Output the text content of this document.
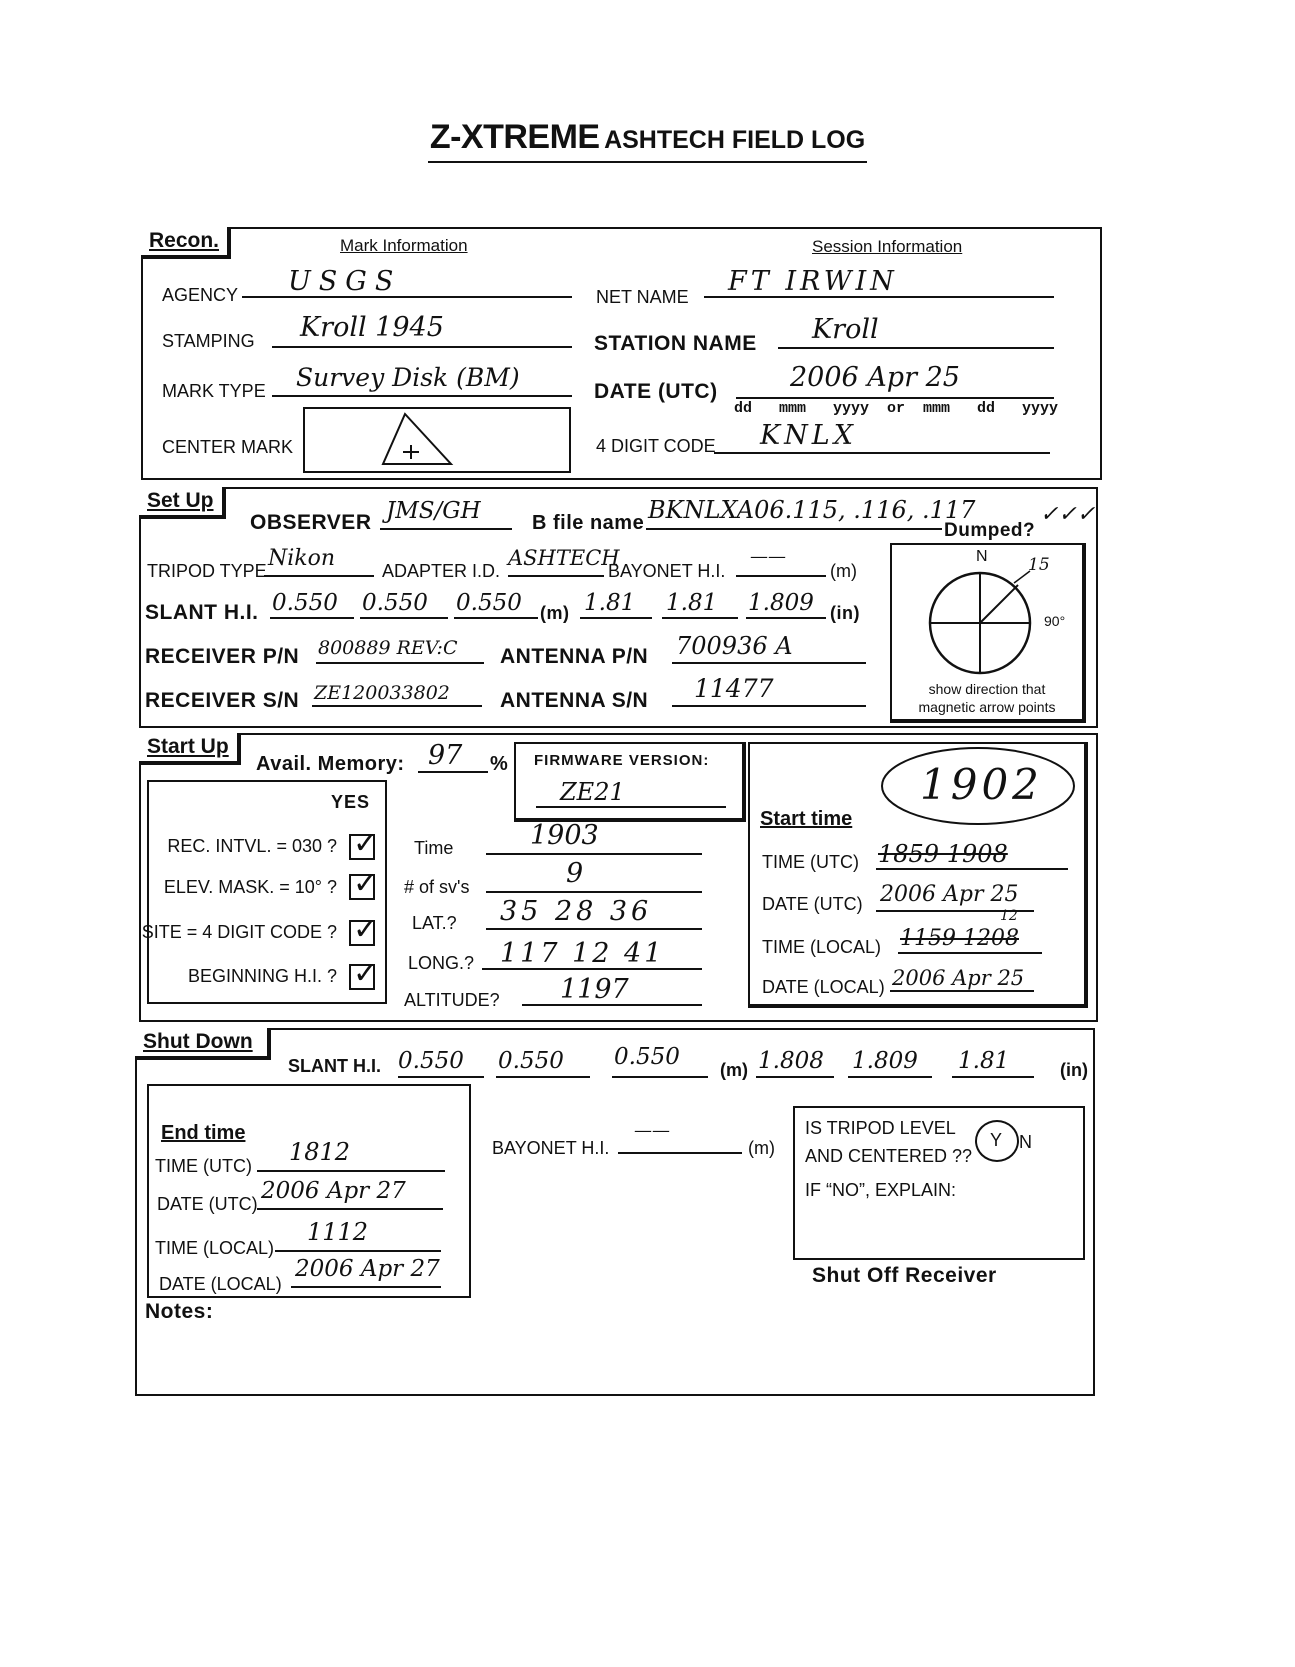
Z-XTREME ASHTECH FIELD LOG
Recon.	Mark Information	Session Information
AGENCY USGS
STAMPING Kroll 1945
MARK TYPE Survey Disk (BM)
CENTER MARK
NET NAME FT IRWIN
STATION NAME Kroll
DATE (UTC)	2006 Apr 25
dd   mmm   yyyy  or  mmm   dd   yyyy
4 DIGIT CODE KNLX
Set Up
OBSERVER JMS/GH	B file name BKNLXA06.115, .116, .117
Dumped?
✓✓✓
TRIPOD TYPE Nikon	ADAPTER I.D.
ASHTECH
BAYONET H.I.
——
(m)
SLANT H.I. 0.550 0.550 0.550 (m) 1.81 1.81 1.809 (in)
RECEIVER P/N 800889 REV:C ANTENNA P/N 700936 A
RECEIVER S/N ZE120033802 ANTENNA S/N 11477
N
90°
15
show direction that
magnetic arrow points
Start Up
Avail. Memory: 97 % FIRMWARE VERSION:
ZE21
YES
REC. INTVL. = 030 ? ✓
ELEV. MASK. = 10° ? ✓
SITE = 4 DIGIT CODE ? ✓
BEGINNING H.I. ? ✓
Time	1903
# of sv's	9
LAT.? 35 28 36
LONG.? 117 12 41
ALTITUDE? 1197
Start time
1902
TIME (UTC) 1859 1908
DATE (UTC) 2006 Apr 25
12
TIME (LOCAL) 1159 1208
DATE (LOCAL) 2006 Apr 25
Shut Down
SLANT H.I. 0.550 0.550 0.550 (m) 1.808 1.809 1.81	(in)
End time
TIME (UTC) 1812
DATE (UTC) 2006 Apr 27
TIME (LOCAL)
1112
DATE (LOCAL)
2006 Apr 27
BAYONET H.I.
——
(m)
IS TRIPOD LEVEL
AND CENTERED ??
Y N
IF “NO”, EXPLAIN:
Shut Off Receiver
Notes:
